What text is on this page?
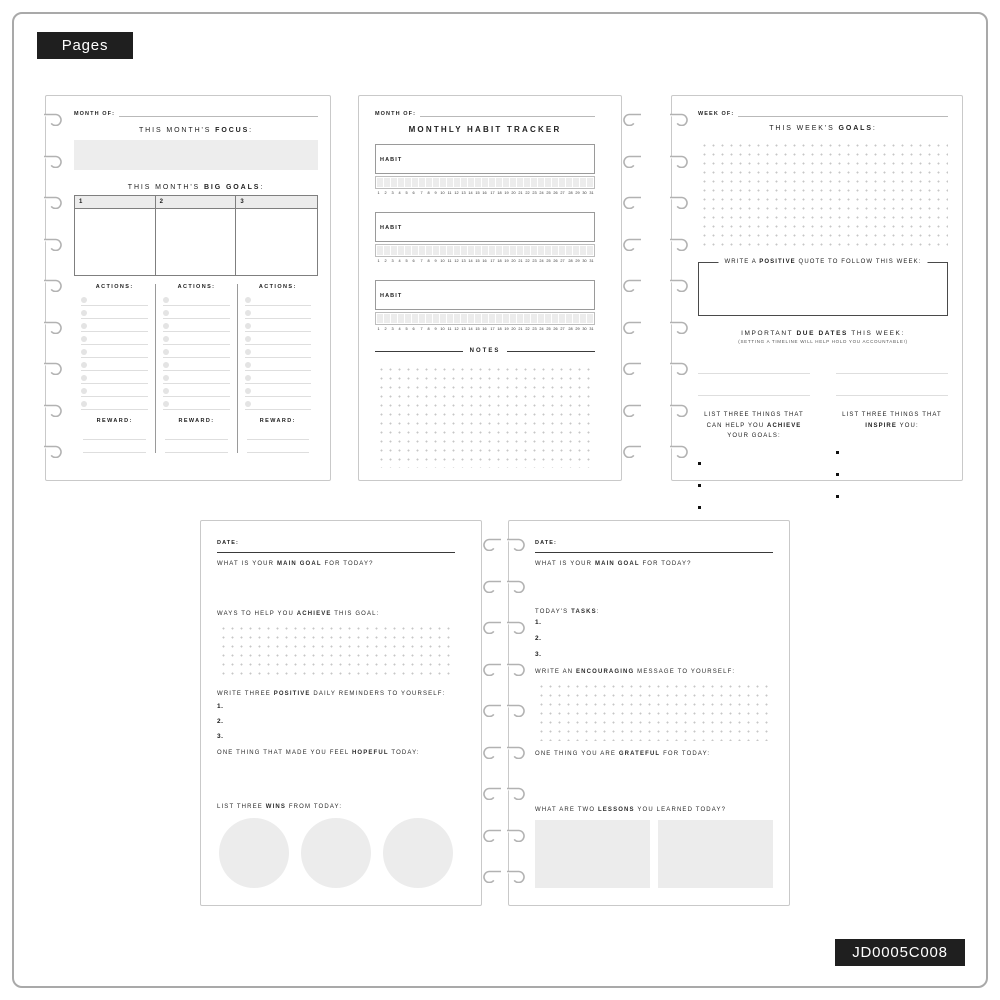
Pages
JD0005C008
MONTH OF:
THIS MONTH'S FOCUS:
THIS MONTH'S BIG GOALS:
1	2	3
ACTIONS:
REWARD:
ACTIONS:
REWARD:
ACTIONS:
REWARD:
MONTH OF:
MONTHLY HABIT TRACKER
HABIT
1	2	3	4	5	6	7	8	9 10 11 12 13 14 15 16 17 18 19 20 21 22 23 24 25 26 27 28 29 30 31
HABIT
1	2	3	4	5	6	7	8	9 10 11 12 13 14 15 16 17 18 19 20 21 22 23 24 25 26 27 28 29 30 31
HABIT
1	2	3	4	5	6	7	8	9 10 11 12 13 14 15 16 17 18 19 20 21 22 23 24 25 26 27 28 29 30 31
NOTES
WEEK OF:
THIS WEEK'S GOALS:
WRITE A POSITIVE QUOTE TO FOLLOW THIS WEEK:
IMPORTANT DUE DATES THIS WEEK:
(SETTING A TIMELINE WILL HELP HOLD YOU ACCOUNTABLE!)
LIST THREE THINGS THAT CAN HELP YOU ACHIEVE YOUR GOALS:
LIST THREE THINGS THAT INSPIRE YOU:
DATE:
WHAT IS YOUR MAIN GOAL FOR TODAY?
WAYS TO HELP YOU ACHIEVE THIS GOAL:
WRITE THREE POSITIVE DAILY REMINDERS TO YOURSELF:
1.
2.
3.
ONE THING THAT MADE YOU FEEL HOPEFUL TODAY:
LIST THREE WINS FROM TODAY:
DATE:
WHAT IS YOUR MAIN GOAL FOR TODAY?
TODAY'S TASKS:
1.
2.
3.
WRITE AN ENCOURAGING MESSAGE TO YOURSELF:
ONE THING YOU ARE GRATEFUL FOR TODAY:
WHAT ARE TWO LESSONS YOU LEARNED TODAY?
